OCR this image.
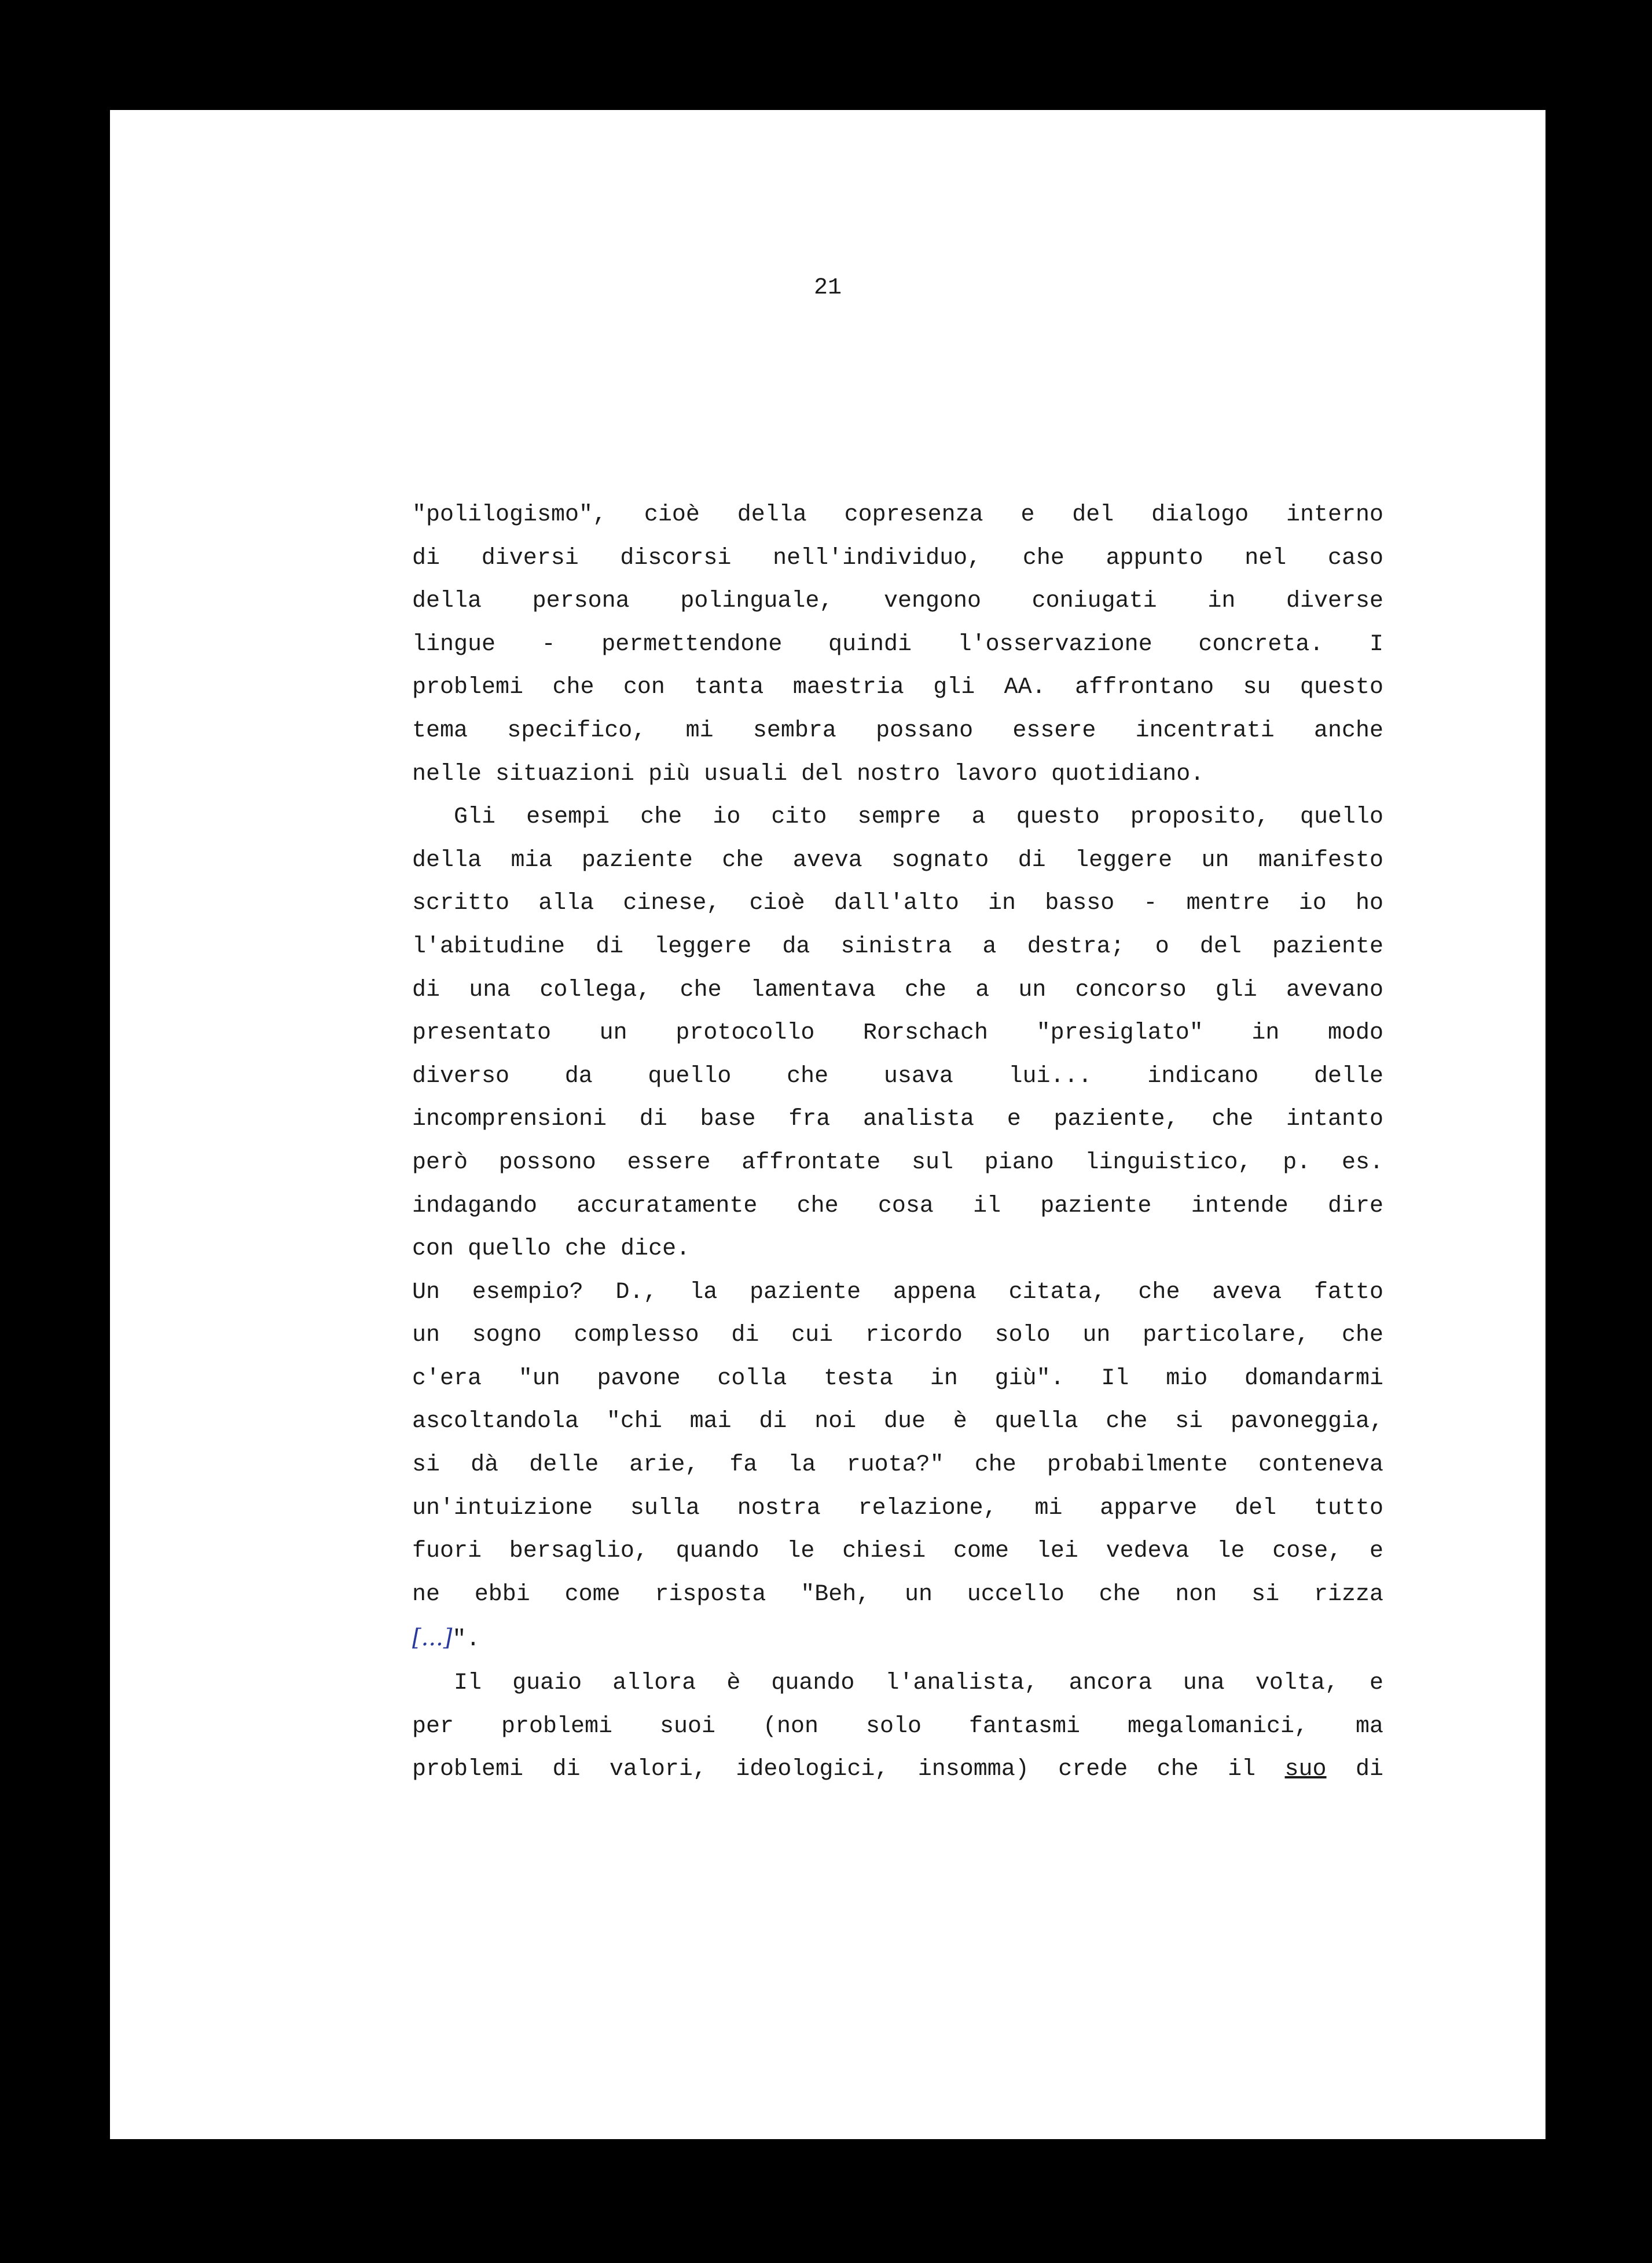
21

"polilogismo", cioè della copresenza e del dialogo interno
di diversi discorsi nell'individuo, che appunto nel caso
della persona polinguale, vengono coniugati in diverse
lingue - permettendone quindi l'osservazione concreta. I
problemi che con tanta maestria gli AA. affrontano su questo
tema specifico, mi sembra possano essere incentrati anche
nelle situazioni più usuali del nostro lavoro quotidiano.
Gli esempi che io cito sempre a questo proposito, quello
della mia paziente che aveva sognato di leggere un manifesto
scritto alla cinese, cioè dall'alto in basso - mentre io ho
l'abitudine di leggere da sinistra a destra; o del paziente
di una collega, che lamentava che a un concorso gli avevano
presentato un protocollo Rorschach "presiglato" in modo
diverso da quello che usava lui... indicano delle
incomprensioni di base fra analista e paziente, che intanto
però possono essere affrontate sul piano linguistico, p. es.
indagando accuratamente che cosa il paziente intende dire
con quello che dice.
Un esempio? D., la paziente appena citata, che aveva fatto
un sogno complesso di cui ricordo solo un particolare, che
c'era "un pavone colla testa in giù". Il mio domandarmi
ascoltandola "chi mai di noi due è quella che si pavoneggia,
si dà delle arie, fa la ruota?" che probabilmente conteneva
un'intuizione sulla nostra relazione, mi apparve del tutto
fuori bersaglio, quando le chiesi come lei vedeva le cose, e
ne ebbi come risposta "Beh, un uccello che non si rizza
[...]".
Il guaio allora è quando l'analista, ancora una volta, e
per problemi suoi (non solo fantasmi megalomanici, ma
problemi di valori, ideologici, insomma) crede che il suo di
